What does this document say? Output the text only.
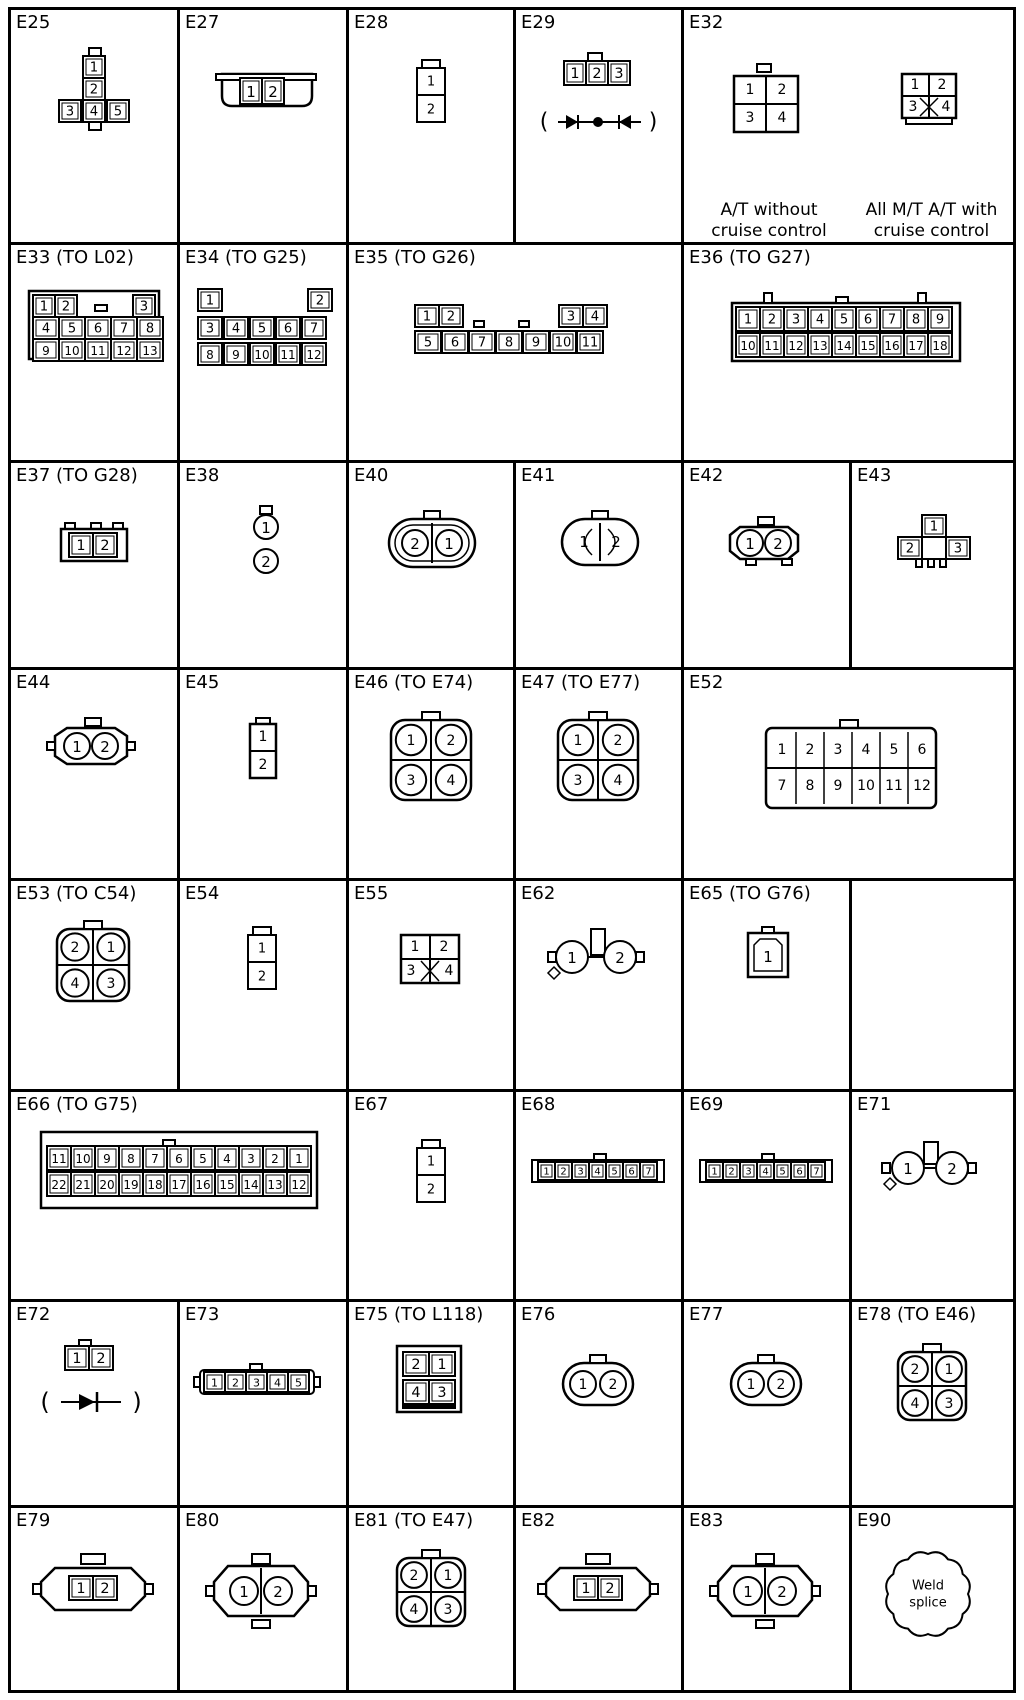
E25
1
2
3 4 5
E27
1 2
E28
1
2
E29
1 2 3
(	)
E32
1 2
3 4
1 2
3 4
A/T without
cruise control
All M/T A/T with
cruise control
E33 (TO L02)
1 2	3
4 5 6 7 8
9 10 11 12 13
E34 (TO G25)
1	2
3 4 5 6 7
8 9 10 11 12
E35 (TO G26)
1 2	3 4
5 6 7 8 9 10 11
E36 (TO G27)
1 2 3 4 5 6 7 8 9
10 11 12 13 14 15 16 17 18
E37 (TO G28)
1 2
E38
1
2
E40
2 1
E41
1 2
E42
1 2
E43
1
2	3
E44
1 2
E45
1
2
E46 (TO E74)
1 2
3 4
E47 (TO E77)
1 2
3 4
E52
1 2 3 4 5 6
7 8 9 10 11 12
E53 (TO C54)
2 1
4 3
E54
1
2
E55
1 2
3 4
E62
1	2
E65 (TO G76)
1
E66 (TO G75)
11 10 9 8 7 6 5 4 3 2 1
22 21 20 19 18 17 16 15 14 13 12
E67
1
2
E68
1 2 3 4 5 6 7
E69
1 2 3 4 5 6 7
E71
1 2
E72
1 2
(	)
E73
1 2 3 4 5
E75 (TO L118)
2 1
4 3
E76
1 2
E77
1 2
E78 (TO E46)
2 1
4 3
E79
1 2
E80
1 2
E81 (TO E47)
2 1
4 3
E82
1 2
E83
1 2
E90
Weld
splice
